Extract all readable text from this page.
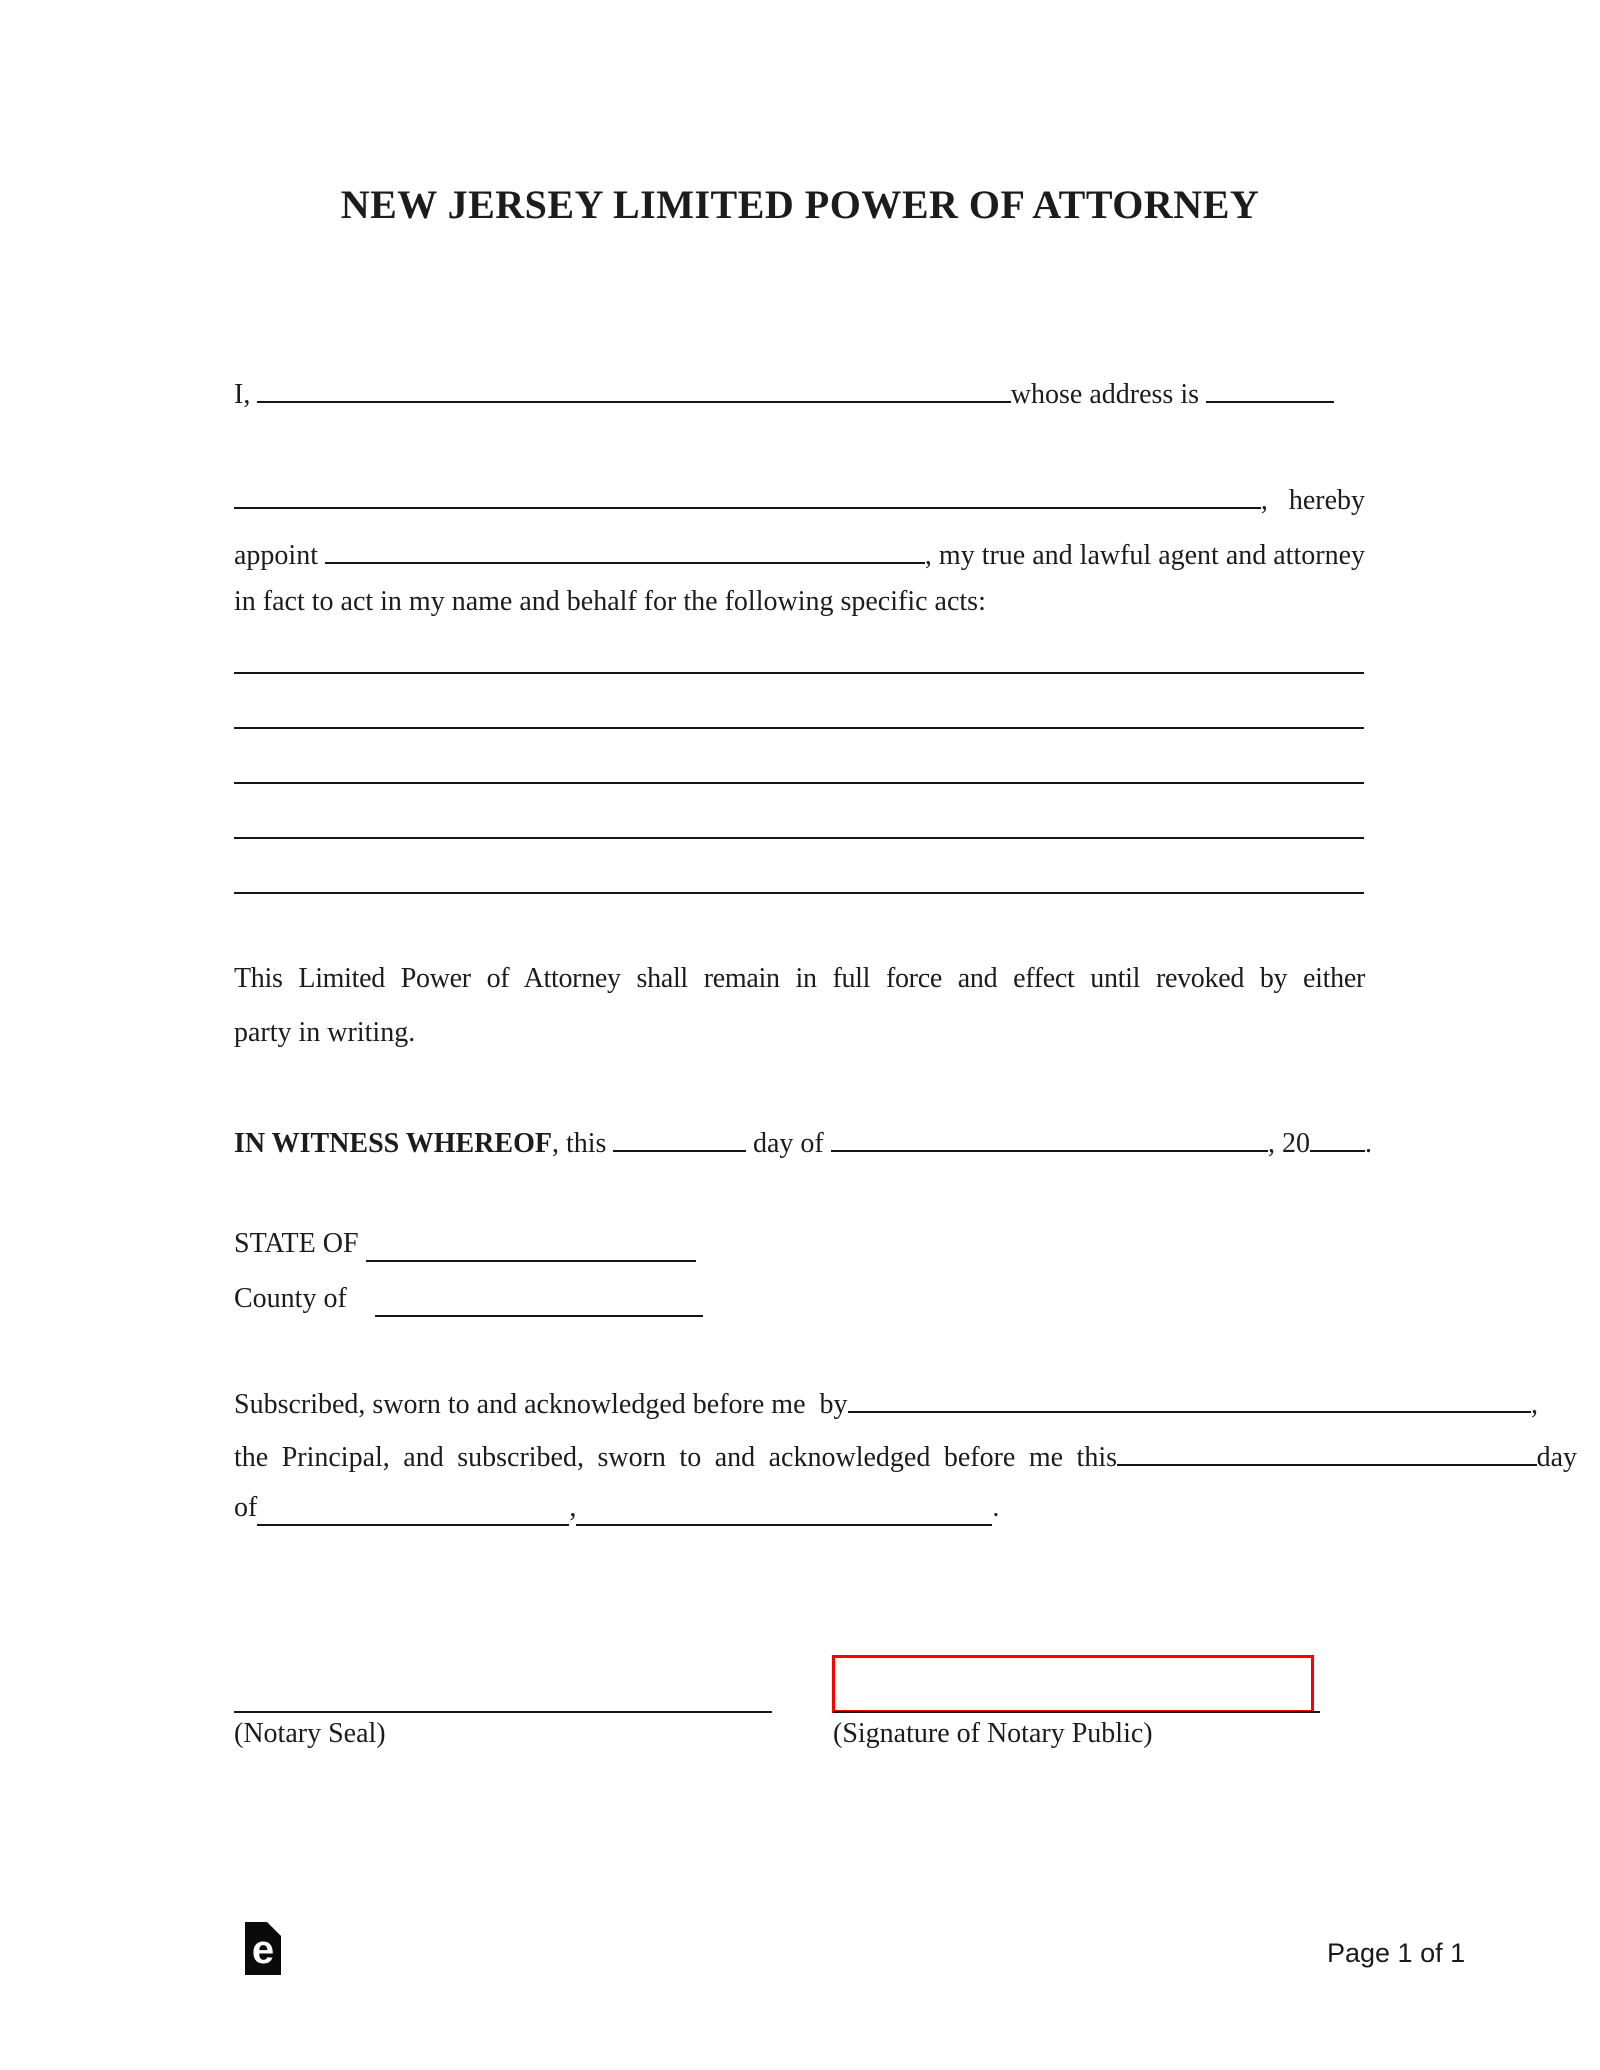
NEW JERSEY LIMITED POWER OF ATTORNEY
I,	whose address is
,   hereby
appoint	, my true and lawful agent and attorney
in fact to act in my name and behalf for the following specific acts:
This Limited Power of Attorney shall remain in full force and effect until revoked by either
party in writing.
IN WITNESS WHEREOF , this	day of	, 20 .
STATE OF
County of
Subscribed, sworn to and acknowledged before me  by	,
the Principal, and subscribed, sworn to and acknowledged before me this	day
of	,	.
(Notary Seal)	(Signature of Notary Public)
e	Page 1 of 1
